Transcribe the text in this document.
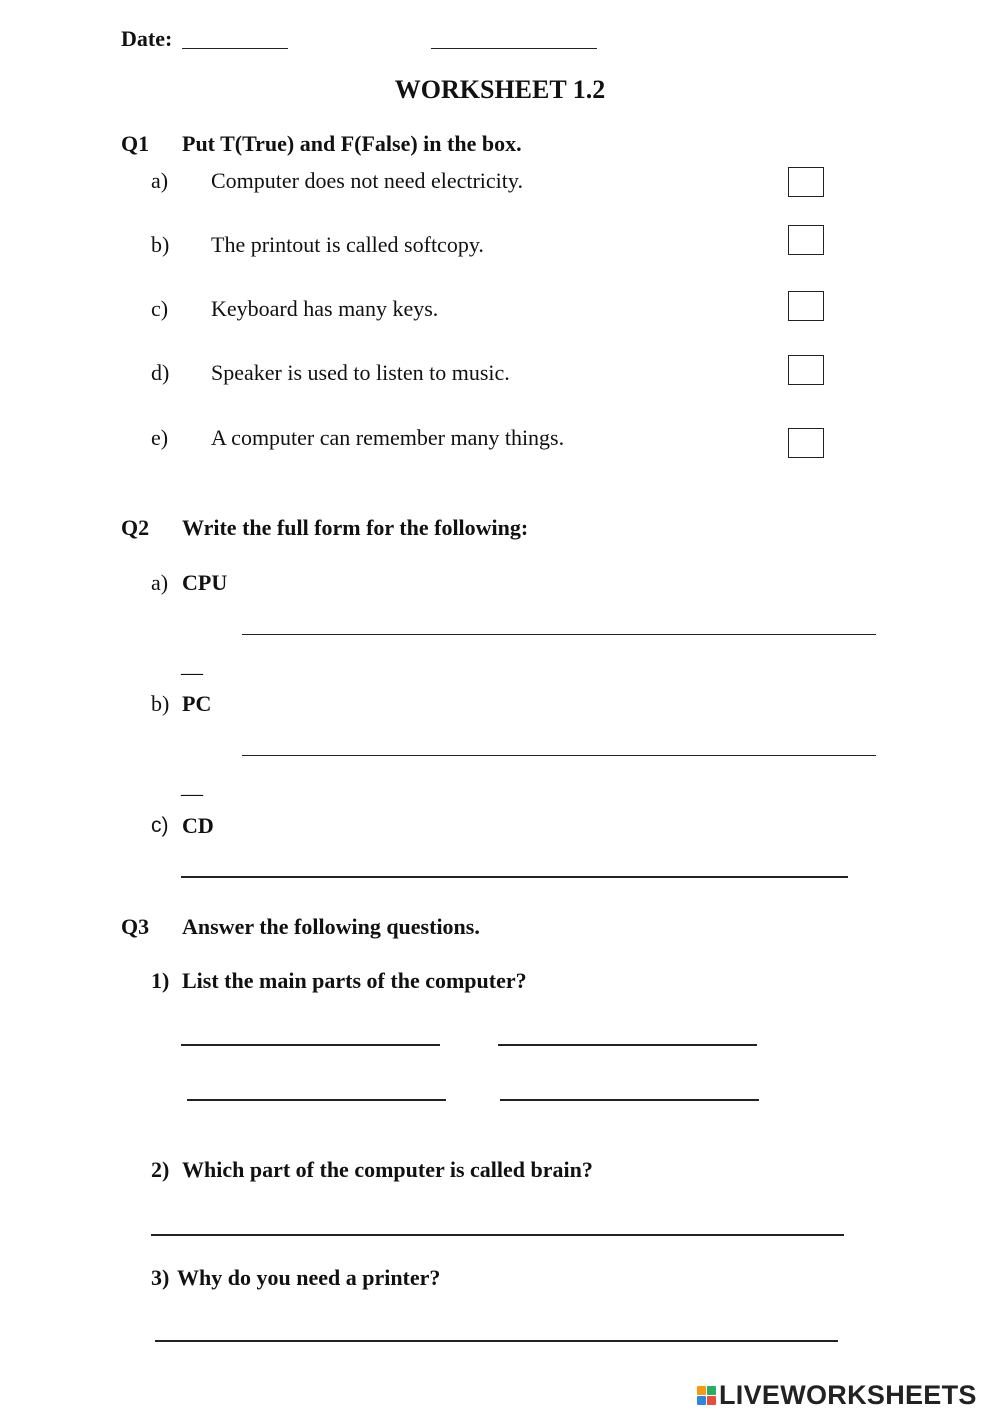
Date:
WORKSHEET 1.2
Q1 Put T(True) and F(False) in the box.
a) Computer does not need electricity.
b) The printout is called softcopy.
c) Keyboard has many keys.
d) Speaker is used to listen to music.
e) A computer can remember many things.
Q2 Write the full form for the following:
a) CPU
__
b) PC
__
c) CD
Q3 Answer the following questions.
1) List the main parts of the computer?
2) Which part of the computer is called brain?
3) Why do you need a printer?
LIVEWORKSHEETS
